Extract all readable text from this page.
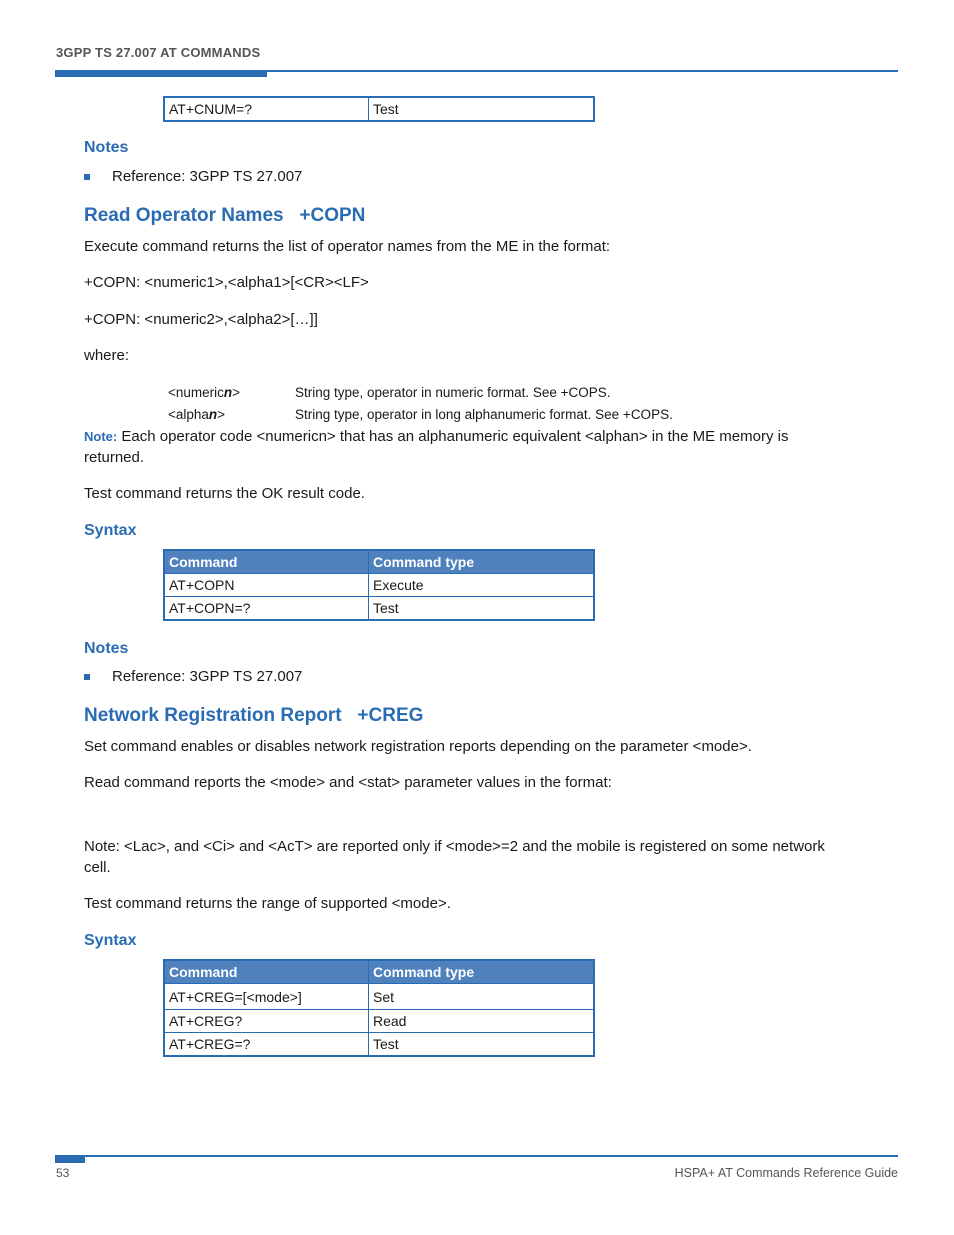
3GPP TS 27.007 AT COMMANDS
AT+CNUM=?	Test
Notes
Reference: 3GPP TS 27.007
Read Operator Names   +COPN
Execute command returns the list of operator names from the ME in the format:
+COPN: <numeric1>,<alpha1>[<CR><LF>
+COPN: <numeric2>,<alpha2>[…]]
where:
<numericn>	String type, operator in numeric format. See +COPS.
<alphan>	String type, operator in long alphanumeric format. See +COPS.
Note: Each operator code <numericn> that has an alphanumeric equivalent <alphan> in the ME memory is
returned.
Test command returns the OK result code.
Syntax
Command	Command type
AT+COPN	Execute
AT+COPN=?	Test
Notes
Reference: 3GPP TS 27.007
Network Registration Report   +CREG
Set command enables or disables network registration reports depending on the parameter <mode>.
Read command reports the <mode> and <stat> parameter values in the format:
Note: <Lac>, and <Ci> and <AcT> are reported only if <mode>=2 and the mobile is registered on some network
cell.
Test command returns the range of supported <mode>.
Syntax
Command	Command type
AT+CREG=[<mode>]	Set
AT+CREG?	Read
AT+CREG=?	Test
53	HSPA+ AT Commands Reference Guide
